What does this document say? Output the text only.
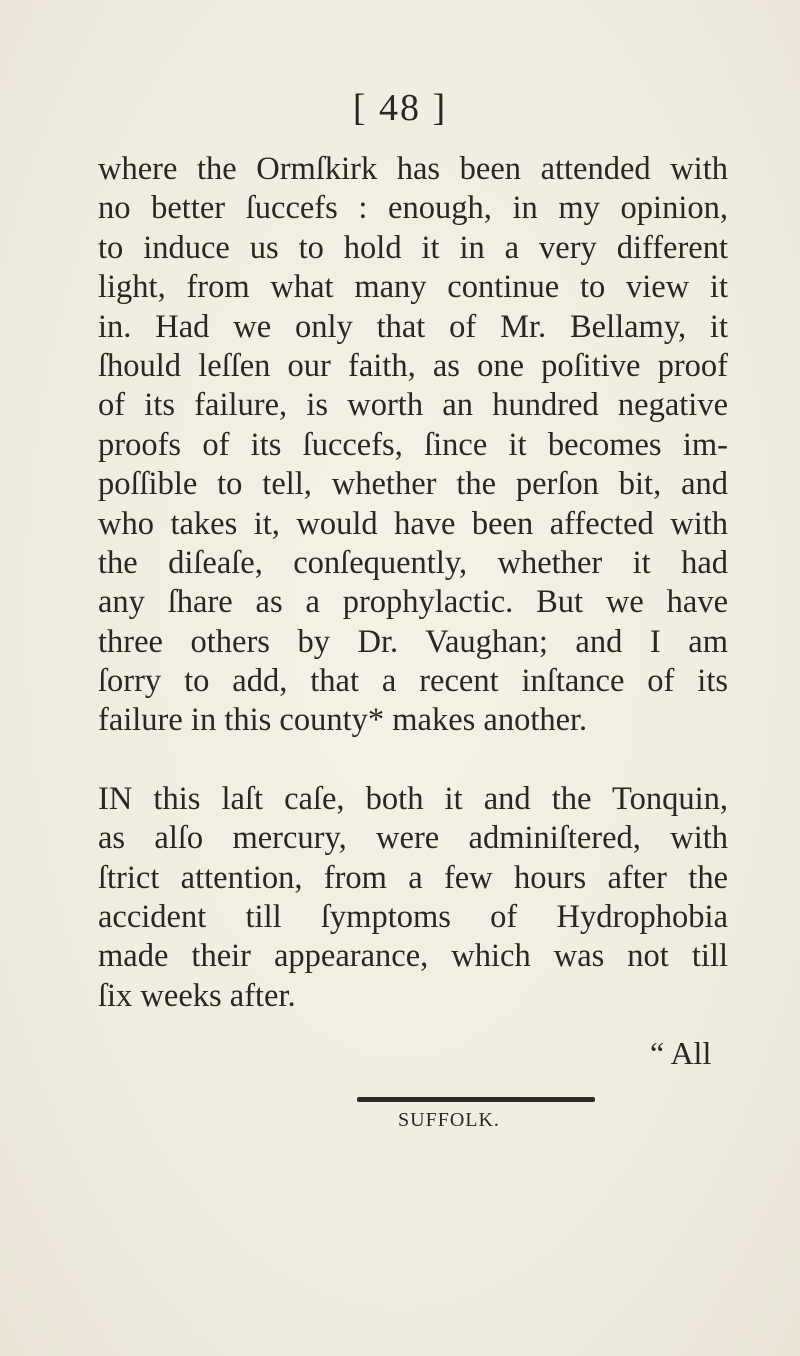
[ 48 ]
where the Ormſkirk has been attended with
no better ſuccefs : enough, in my opinion,
to induce us to hold it in a very different
light, from what many continue to view it
in. Had we only that of Mr. Bellamy, it
ſhould leſſen our faith, as one poſitive proof
of its failure, is worth an hundred negative
proofs of its ſuccefs, ſince it becomes im-
poſſible to tell, whether the perſon bit, and
who takes it, would have been affected with
the diſeaſe, conſequently, whether it had
any ſhare as a prophylactic. But we have
three others by Dr. Vaughan; and I am
ſorry to add, that a recent inſtance of its
failure in this county* makes another.
IN this laſt caſe, both it and the Tonquin,
as alſo mercury, were adminiſtered, with
ſtrict attention, from a few hours after the
accident till ſymptoms of Hydrophobia
made their appearance, which was not till
ſix weeks after.
“ All
SUFFOLK.
